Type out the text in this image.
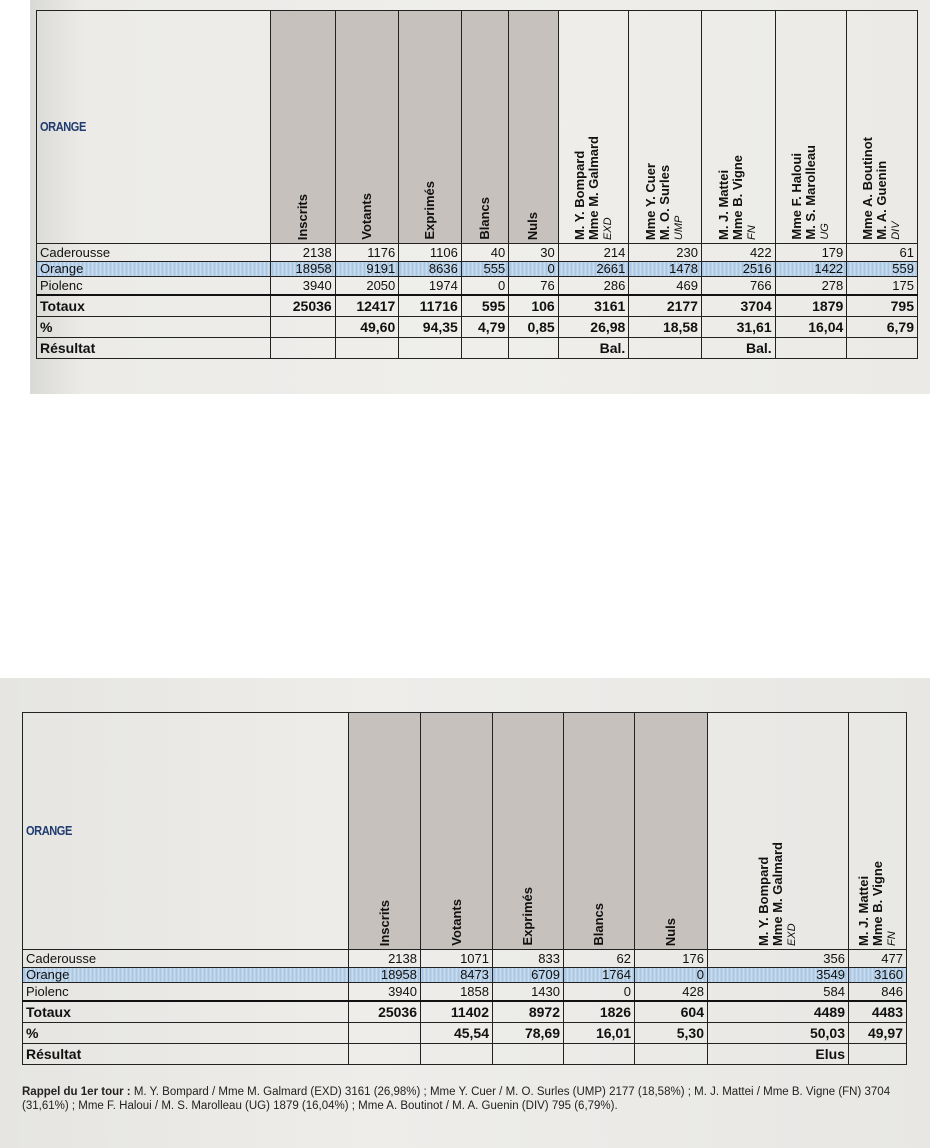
ORANGE	Inscrits	Votants	Exprimés	Blancs	Nuls	M. Y. Bompard Mme M. Galmard EXD	Mme Y. Cuer M. O. Surles UMP	M. J. Mattei Mme B. Vigne FN	Mme F. Haloui M. S. Marolleau UG	Mme A. Boutinot M. A. Guenin DIV

Caderousse	2138	1176	1106	40	30	214	230	422	179	61
Orange	18958	9191	8636	555	0	2661	1478	2516	1422	559
Piolenc	3940	2050	1974	0	76	286	469	766	278	175
Totaux	25036	12417	11716	595	106	3161	2177	3704	1879	795
%		49,60	94,35	4,79	0,85	26,98	18,58	31,61	16,04	6,79
Résultat						Bal.		Bal.		
ORANGE	Inscrits	Votants	Exprimés	Blancs	Nuls	M. Y. Bompard Mme M. Galmard EXD	M. J. Mattei Mme B. Vigne FN

Caderousse	2138	1071	833	62	176	356	477
Orange	18958	8473	6709	1764	0	3549	3160
Piolenc	3940	1858	1430	0	428	584	846
Totaux	25036	11402	8972	1826	604	4489	4483
%		45,54	78,69	16,01	5,30	50,03	49,97
Résultat						Elus	
Rappel du 1er tour : M. Y. Bompard / Mme M. Galmard (EXD) 3161 (26,98%) ; Mme Y. Cuer / M. O. Surles (UMP) 2177 (18,58%) ; M. J. Mattei / Mme B. Vigne (FN) 3704 (31,61%) ; Mme F. Haloui / M. S. Marolleau (UG) 1879 (16,04%) ; Mme A. Boutinot / M. A. Guenin (DIV) 795 (6,79%).
